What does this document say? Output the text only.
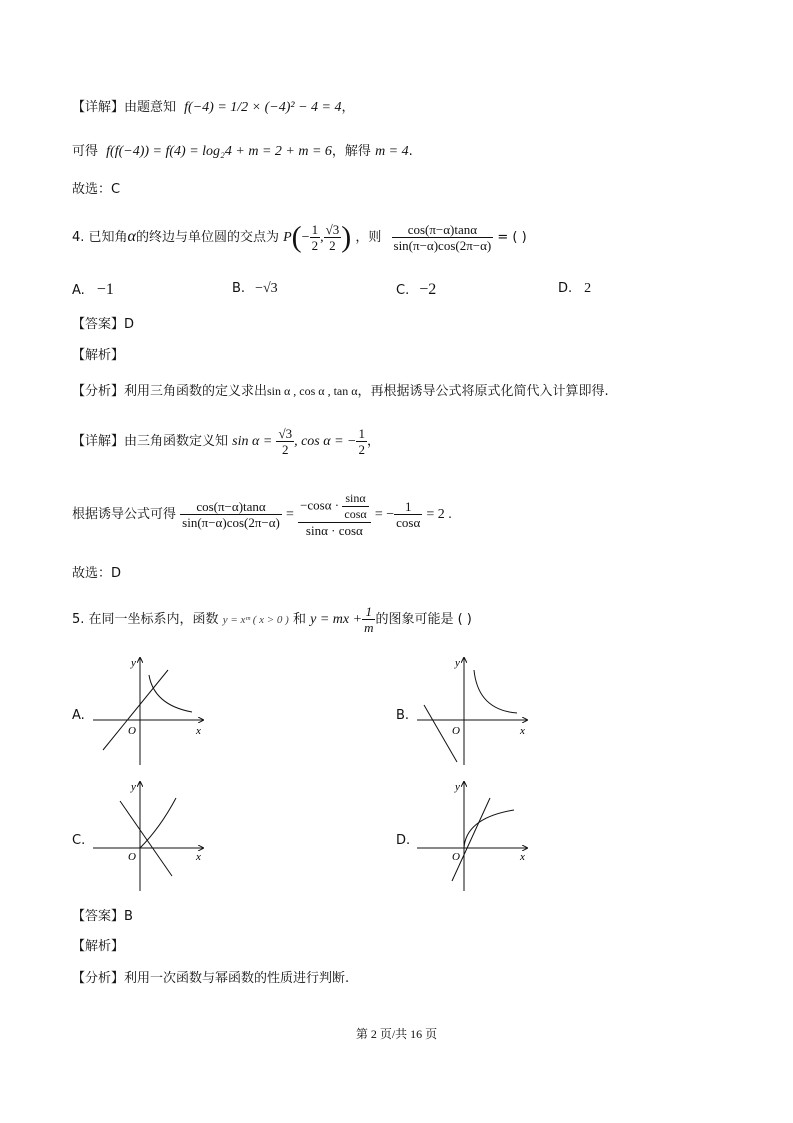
【详解】由题意知 f(−4) = 1/2 × (−4)² − 4 = 4，
可得 f(f(−4)) = f(4) = log₂4 + m = 2 + m = 6，解得 m = 4.
故选：C
4. 已知角α的终边与单位圆的交点为 $P(- \frac{1}{2}$ , $\frac{√3}{2}$ ) ，则 $\frac{\cos(\pi-\alpha)\tan\alpha}{\sin(\pi-\alpha)\cos(2\pi-\alpha)}$ = ( )
A. −1	B. −√3	C. −2	D. 2
【答案】D
【解析】
【分析】利用三角函数的定义求出sin α , cos α , tan α，再根据诱导公式将原式化简代入计算即得.
【详解】由三角函数定义知 $\sin \alpha = \frac{√3}{2}$ , cos α = − $\frac{1}{2}$ ，
根据诱导公式可得 $\frac{\cos(\pi-\alpha)\tan\alpha}{\sin(\pi-\alpha)\cos(2\pi-\alpha)} = \frac{-\cos\alpha \cdot \frac{\sin\alpha}{\cos\alpha}}{\sin\alpha \cdot \cos\alpha}$ = − $\frac{1}{\cos\alpha} = 2$ .
故选：D
5. 在同一坐标系内，函数 y = xᵐ ( x > 0 ) 和 y = mx + $\frac{1}{m}$ 的图象可能是 ( )
A.	B.
C.	D.
y
x
O
y
x
O
y
x
O
y
x
O
【答案】B
【解析】
【分析】利用一次函数与幂函数的性质进行判断.
第 2 页/共 16 页
